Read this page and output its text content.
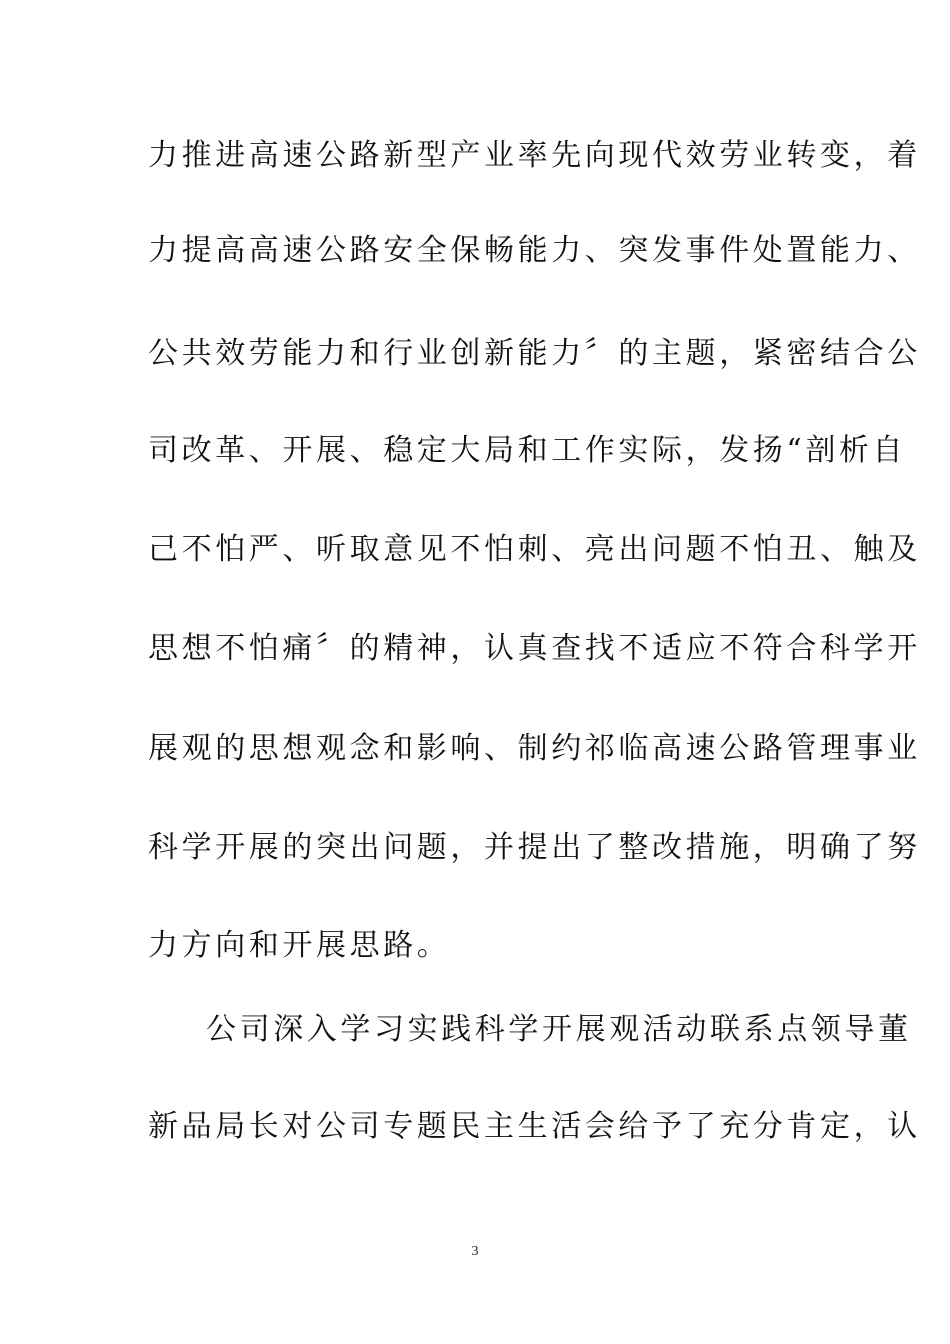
力推进高速公路新型产业率先向现代效劳业转变，着
力提高高速公路安全保畅能力、突发事件处置能力、
公共效劳能力和行业创新能力〞的主题，紧密结合公
司改革、开展、稳定大局和工作实际，发扬“剖析自
己不怕严、听取意见不怕刺、亮出问题不怕丑、触及
思想不怕痛〞的精神，认真查找不适应不符合科学开
展观的思想观念和影响、制约祁临高速公路管理事业
科学开展的突出问题，并提出了整改措施，明确了努
力方向和开展思路。
公司深入学习实践科学开展观活动联系点领导董
新品局长对公司专题民主生活会给予了充分肯定，认
3
